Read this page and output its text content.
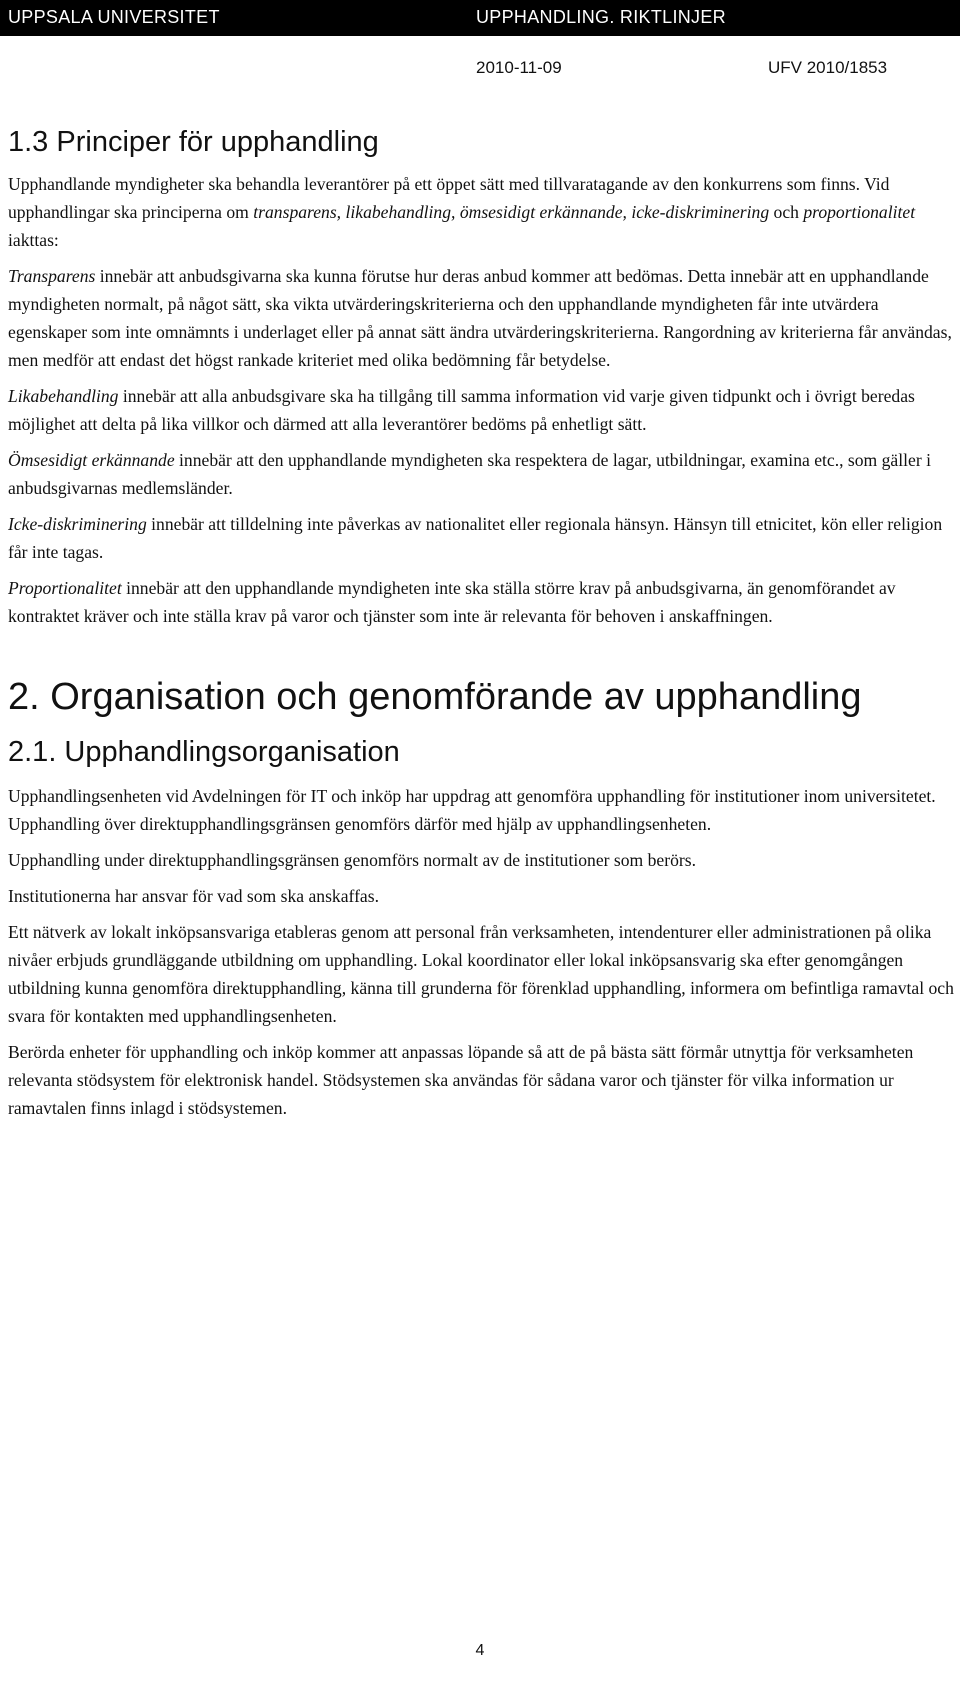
UPPSALA UNIVERSITET	UPPHANDLING. RIKTLINJER
2010-11-09	UFV 2010/1853
1.3 Principer för upphandling

Upphandlande myndigheter ska behandla leverantörer på ett öppet sätt med tillvaratagande av den konkurrens som finns. Vid upphandlingar ska principerna om transparens, likabehandling, ömsesidigt erkännande, icke-diskriminering och proportionalitet iakttas:

Transparens innebär att anbudsgivarna ska kunna förutse hur deras anbud kommer att bedömas. Detta innebär att en upphandlande myndigheten normalt, på något sätt, ska vikta utvärderingskriterierna och den upphandlande myndigheten får inte utvärdera egenskaper som inte omnämnts i underlaget eller på annat sätt ändra utvärderingskriterierna. Rangordning av kriterierna får användas, men medför att endast det högst rankade kriteriet med olika bedömning får betydelse.

Likabehandling innebär att alla anbudsgivare ska ha tillgång till samma information vid varje given tidpunkt och i övrigt beredas möjlighet att delta på lika villkor och därmed att alla leverantörer bedöms på enhetligt sätt.

Ömsesidigt erkännande innebär att den upphandlande myndigheten ska respektera de lagar, utbildningar, examina etc., som gäller i anbudsgivarnas medlemsländer.

Icke-diskriminering innebär att tilldelning inte påverkas av nationalitet eller regionala hänsyn. Hänsyn till etnicitet, kön eller religion får inte tagas.

Proportionalitet innebär att den upphandlande myndigheten inte ska ställa större krav på anbudsgivarna, än genomförandet av kontraktet kräver och inte ställa krav på varor och tjänster som inte är relevanta för behoven i anskaffningen.

2. Organisation och genomförande av upphandling
2.1. Upphandlingsorganisation

Upphandlingsenheten vid Avdelningen för IT och inköp har uppdrag att genomföra upphandling för institutioner inom universitetet. Upphandling över direktupphandlingsgränsen genomförs därför med hjälp av upphandlingsenheten.

Upphandling under direktupphandlingsgränsen genomförs normalt av de institutioner som berörs.

Institutionerna har ansvar för vad som ska anskaffas.

Ett nätverk av lokalt inköpsansvariga etableras genom att personal från verksamheten, intendenturer eller administrationen på olika nivåer erbjuds grundläggande utbildning om upphandling. Lokal koordinator eller lokal inköpsansvarig ska efter genomgången utbildning kunna genomföra direktupphandling, känna till grunderna för förenklad upphandling, informera om befintliga ramavtal och svara för kontakten med upphandlingsenheten.

Berörda enheter för upphandling och inköp kommer att anpassas löpande så att de på bästa sätt förmår utnyttja för verksamheten relevanta stödsystem för elektronisk handel. Stödsystemen ska användas för sådana varor och tjänster för vilka information ur ramavtalen finns inlagd i stödsystemen.

4
